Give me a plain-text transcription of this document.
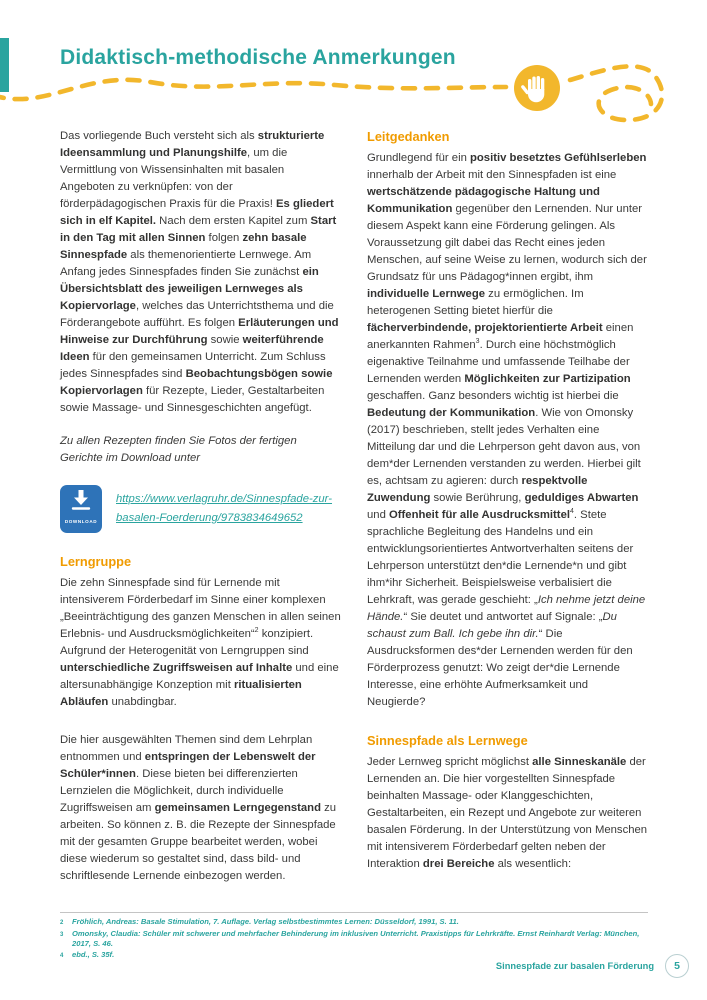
Didaktisch-methodische Anmerkungen

Das vorliegende Buch versteht sich als strukturierte Ideensammlung und Planungshilfe, um die Vermittlung von Wissensinhalten mit basalen Angeboten zu verknüpfen: von der förderpädagogischen Praxis für die Praxis! Es gliedert sich in elf Kapitel. Nach dem ersten Kapitel zum Start in den Tag mit allen Sinnen folgen zehn basale Sinnespfade als themenorientierte Lernwege. Am Anfang jedes Sinnespfades finden Sie zunächst ein Übersichtsblatt des jeweiligen Lernweges als Kopiervorlage, welches das Unterrichtsthema und die Förderangebote aufführt. Es folgen Erläuterungen und Hinweise zur Durchführung sowie weiterführende Ideen für den gemeinsamen Unterricht. Zum Schluss jedes Sinnespfades sind Beobachtungsbögen sowie Kopiervorlagen für Rezepte, Lieder, Gestaltarbeiten sowie Massage- und Sinnesgeschichten angefügt.

Zu allen Rezepten finden Sie Fotos der fertigen Gerichte im Download unter

DOWNLOAD
https://www.verlagruhr.de/Sinnespfade-zur-basalen-Foerderung/9783834649652
Lerngruppe

Die zehn Sinnespfade sind für Lernende mit intensiverem Förderbedarf im Sinne einer komplexen „Beeinträchtigung des ganzen Menschen in allen seinen Erlebnis- und Ausdrucksmöglichkeiten“$^2$ konzipiert. Aufgrund der Heterogenität von Lerngruppen sind unterschiedliche Zugriffsweisen auf Inhalte und eine altersunabhängige Konzeption mit ritualisierten Abläufen unabdingbar.

Die hier ausgewählten Themen sind dem Lehrplan entnommen und entspringen der Lebenswelt der Schüler*innen. Diese bieten bei differenzierten Lernzielen die Möglichkeit, durch individuelle Zugriffsweisen am gemeinsamen Lerngegenstand zu arbeiten. So können z. B. die Rezepte der Sinnespfade mit der gesamten Gruppe bearbeitet werden, wobei diese wiederum so gestaltet sind, dass bild- und schriftlesende Lernende einbezogen werden.

Leitgedanken

Grundlegend für ein positiv besetztes Gefühlserleben innerhalb der Arbeit mit den Sinnespfaden ist eine wertschätzende pädagogische Haltung und Kommunikation gegenüber den Lernenden. Nur unter diesem Aspekt kann eine Förderung gelingen. Als Voraussetzung gilt dabei das Recht eines jeden Menschen, auf seine Weise zu lernen, wodurch sich der Grundsatz für uns Pädagog*innen ergibt, ihm individuelle Lernwege zu ermöglichen. Im heterogenen Setting bietet hierfür die fächerverbindende, projektorientierte Arbeit einen anerkannten Rahmen$^3$. Durch eine höchstmöglich eigenaktive Teilnahme und umfassende Teilhabe der Lernenden werden Möglichkeiten zur Partizipation geschaffen. Ganz besonders wichtig ist hierbei die Bedeutung der Kommunikation. Wie von Omonsky (2017) beschrieben, stellt jedes Verhalten eine Mitteilung dar und die Lehrperson geht davon aus, von dem*der Lernenden verstanden zu werden. Hierbei gilt es, achtsam zu agieren: durch respektvolle Zuwendung sowie Berührung, geduldiges Abwarten und Offenheit für alle Ausdrucksmittel$^4$. Stete sprachliche Begleitung des Handelns und ein entwicklungsorientiertes Antwortverhalten seitens der Lehrperson unterstützt den*die Lernende*n und gibt ihm*ihr Sicherheit. Beispielsweise verbalisiert die Lehrkraft, was gerade geschieht: „Ich nehme jetzt deine Hände.“ Sie deutet und antwortet auf Signale: „Du schaust zum Ball. Ich gebe ihn dir.“ Die Ausdrucksformen des*der Lernenden werden für den Förderprozess genutzt: Wo zeigt der*die Lernende Interesse, eine erhöhte Aufmerksamkeit und Neugierde?

Sinnespfade als Lernwege

Jeder Lernweg spricht möglichst alle Sinneskanäle der Lernenden an. Die hier vorgestellten Sinnespfade beinhalten Massage- oder Klanggeschichten, Gestaltarbeiten, ein Rezept und Angebote zur weiteren basalen Förderung. In der Unterstützung von Menschen mit intensiverem Förderbedarf gelten neben der Interaktion drei Bereiche als wesentlich:

2	Fröhlich, Andreas: Basale Stimulation, 7. Auflage. Verlag selbstbestimmtes Lernen: Düsseldorf, 1991, S. 11.
3	Omonsky, Claudia: Schüler mit schwerer und mehrfacher Behinderung im inklusiven Unterricht. Praxistipps für Lehrkräfte. Ernst Reinhardt Verlag: München, 2017, S. 46.
4	ebd., S. 35f.
Sinnespfade zur basalen Förderung	5
